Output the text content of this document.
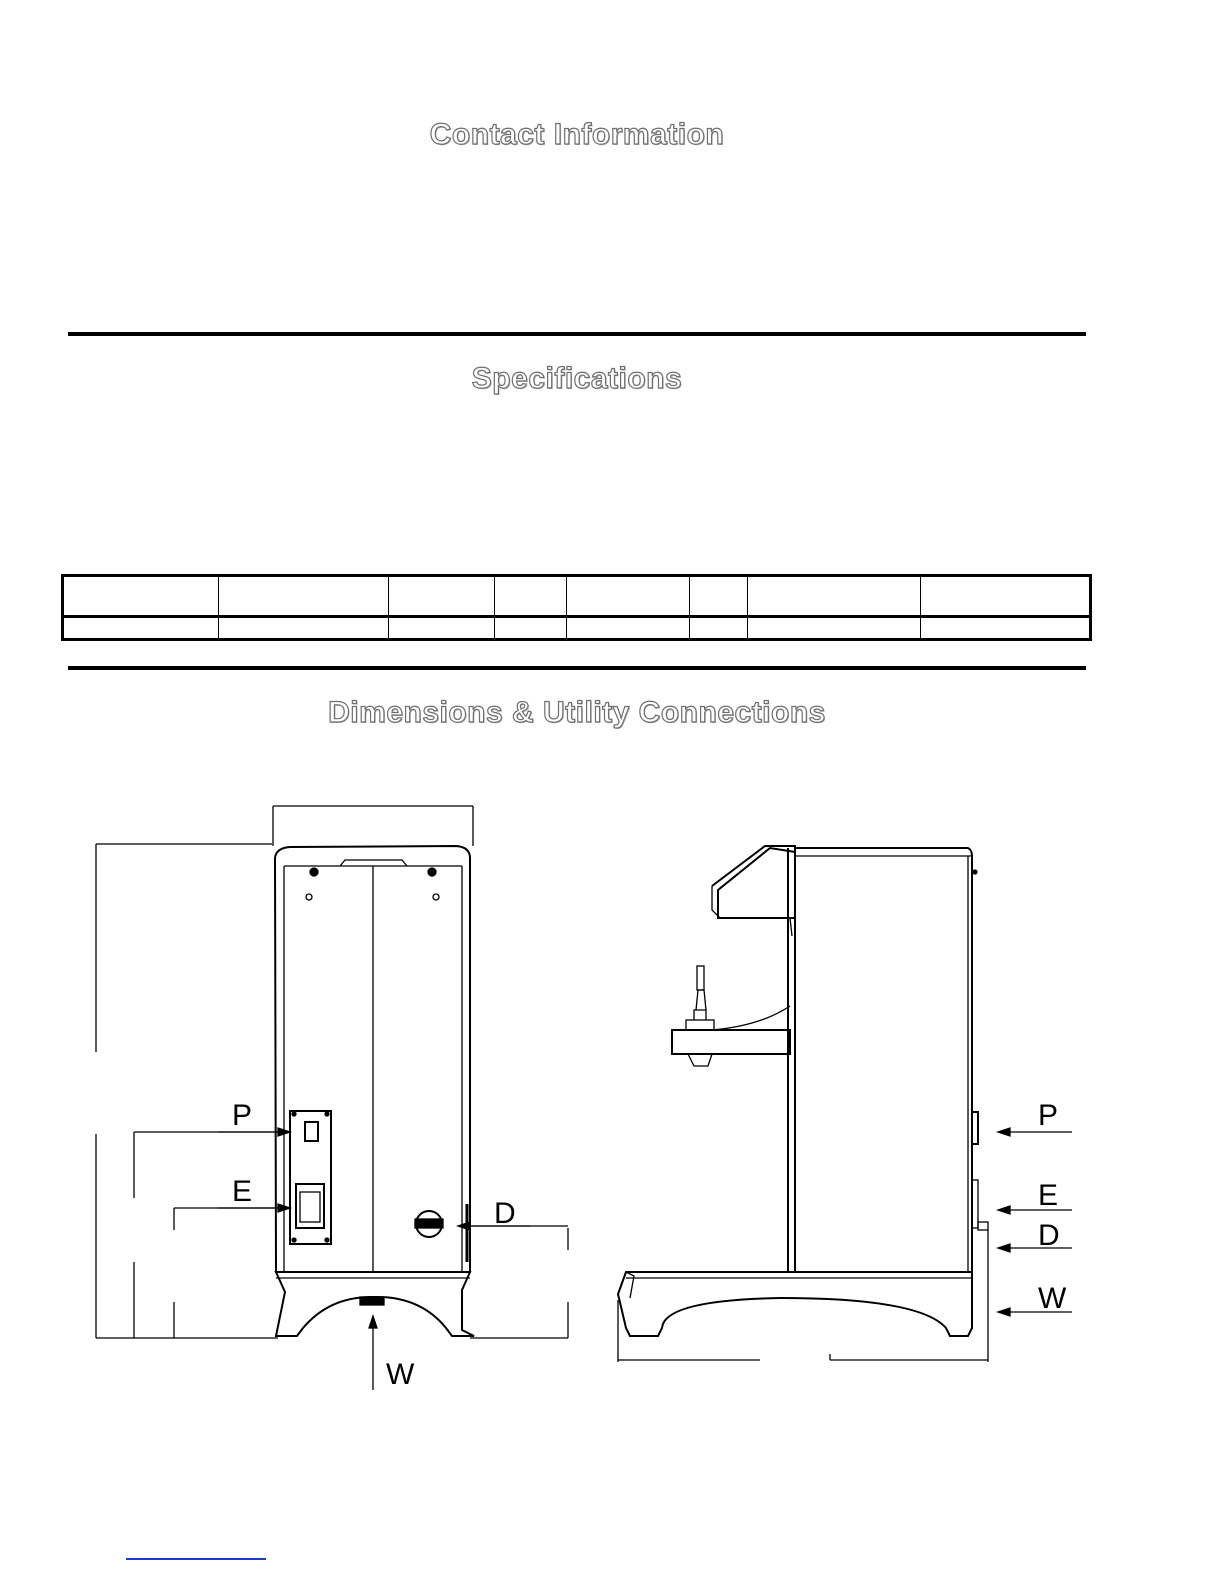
Contact Information
Specifications

Dimensions & Utility Connections
P
E
D
W
P
E
D
W
